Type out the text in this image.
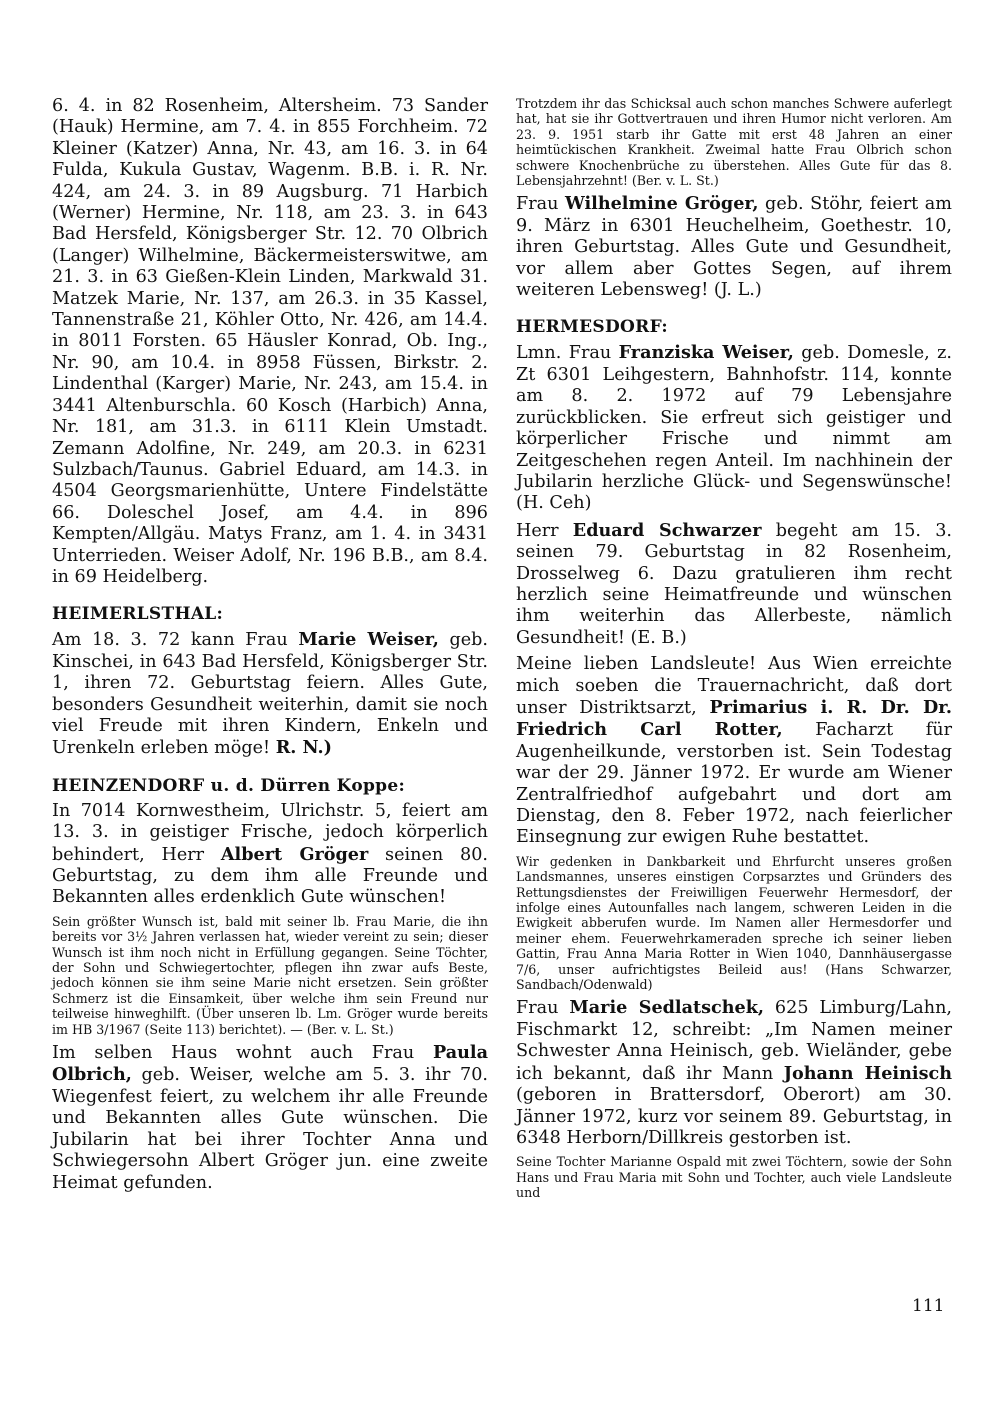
6. 4. in 82 Rosenheim, Altersheim. 73 Sander (Hauk) Hermine, am 7. 4. in 855 Forchheim. 72 Kleiner (Katzer) Anna, Nr. 43, am 16. 3. in 64 Fulda, Kukula Gustav, Wagenm. B.B. i. R. Nr. 424, am 24. 3. in 89 Augsburg. 71 Harbich (Werner) Hermine, Nr. 118, am 23. 3. in 643 Bad Hersfeld, Königsberger Str. 12. 70 Olbrich (Langer) Wilhelmine, Bäckermeisterswitwe, am 21. 3. in 63 Gießen-Klein Linden, Markwald 31. Matzek Marie, Nr. 137, am 26.3. in 35 Kassel, Tannenstraße 21, Köhler Otto, Nr. 426, am 14.4. in 8011 Forsten. 65 Häusler Konrad, Ob. Ing., Nr. 90, am 10.4. in 8958 Füssen, Birkstr. 2. Lindenthal (Karger) Marie, Nr. 243, am 15.4. in 3441 Altenburschla. 60 Kosch (Harbich) Anna, Nr. 181, am 31.3. in 6111 Klein Umstadt. Zemann Adolfine, Nr. 249, am 20.3. in 6231 Sulzbach/Taunus. Gabriel Eduard, am 14.3. in 4504 Georgsmarienhütte, Untere Findelstätte 66. Doleschel Josef, am 4.4. in 896 Kempten/Allgäu. Matys Franz, am 1. 4. in 3431 Unterrieden. Weiser Adolf, Nr. 196 B.B., am 8.4. in 69 Heidelberg.

HEIMERLSTHAL:

Am 18. 3. 72 kann Frau Marie Weiser, geb. Kinschei, in 643 Bad Hersfeld, Königsberger Str. 1, ihren 72. Geburtstag feiern. Alles Gute, besonders Gesundheit weiterhin, damit sie noch viel Freude mit ihren Kindern, Enkeln und Urenkeln erleben möge! R. N.)

HEINZENDORF u. d. Dürren Koppe:

In 7014 Kornwestheim, Ulrichstr. 5, feiert am 13. 3. in geistiger Frische, jedoch körperlich behindert, Herr Albert Gröger seinen 80. Geburtstag, zu dem ihm alle Freunde und Bekannten alles erdenklich Gute wünschen!

Sein größter Wunsch ist, bald mit seiner lb. Frau Marie, die ihn bereits vor 3½ Jahren verlassen hat, wieder vereint zu sein; dieser Wunsch ist ihm noch nicht in Erfüllung gegangen. Seine Töchter, der Sohn und Schwiegertochter, pflegen ihn zwar aufs Beste, jedoch können sie ihm seine Marie nicht ersetzen. Sein größter Schmerz ist die Einsamkeit, über welche ihm sein Freund nur teilweise hinweghilft. (Über unseren lb. Lm. Gröger wurde bereits im HB 3/1967 (Seite 113) berichtet). — (Ber. v. L. St.)

Im selben Haus wohnt auch Frau Paula Olbrich, geb. Weiser, welche am 5. 3. ihr 70. Wiegenfest feiert, zu welchem ihr alle Freunde und Bekannten alles Gute wünschen. Die Jubilarin hat bei ihrer Tochter Anna und Schwiegersohn Albert Gröger jun. eine zweite Heimat gefunden.

Trotzdem ihr das Schicksal auch schon manches Schwere auferlegt hat, hat sie ihr Gottvertrauen und ihren Humor nicht verloren. Am 23. 9. 1951 starb ihr Gatte mit erst 48 Jahren an einer heimtückischen Krankheit. Zweimal hatte Frau Olbrich schon schwere Knochenbrüche zu überstehen. Alles Gute für das 8. Lebensjahrzehnt! (Ber. v. L. St.)

Frau Wilhelmine Gröger, geb. Stöhr, feiert am 9. März in 6301 Heuchelheim, Goethestr. 10, ihren Geburtstag. Alles Gute und Gesundheit, vor allem aber Gottes Segen, auf ihrem weiteren Lebensweg! (J. L.)

HERMESDORF:

Lmn. Frau Franziska Weiser, geb. Domesle, z. Zt 6301 Leihgestern, Bahnhofstr. 114, konnte am 8. 2. 1972 auf 79 Lebensjahre zurückblicken. Sie erfreut sich geistiger und körperlicher Frische und nimmt am Zeitgeschehen regen Anteil. Im nachhinein der Jubilarin herzliche Glück- und Segenswünsche! (H. Ceh)

Herr Eduard Schwarzer begeht am 15. 3. seinen 79. Geburtstag in 82 Rosenheim, Drosselweg 6. Dazu gratulieren ihm recht herzlich seine Heimatfreunde und wünschen ihm weiterhin das Allerbeste, nämlich Gesundheit! (E. B.)

Meine lieben Landsleute! Aus Wien erreichte mich soeben die Trauernachricht, daß dort unser Distriktsarzt, Primarius i. R. Dr. Dr. Friedrich Carl Rotter, Facharzt für Augenheilkunde, verstorben ist. Sein Todestag war der 29. Jänner 1972. Er wurde am Wiener Zentralfriedhof aufgebahrt und dort am Dienstag, den 8. Feber 1972, nach feierlicher Einsegnung zur ewigen Ruhe bestattet.

Wir gedenken in Dankbarkeit und Ehrfurcht unseres großen Landsmannes, unseres einstigen Corpsarztes und Gründers des Rettungsdienstes der Freiwilligen Feuerwehr Hermesdorf, der infolge eines Autounfalles nach langem, schweren Leiden in die Ewigkeit abberufen wurde. Im Namen aller Hermesdorfer und meiner ehem. Feuerwehrkameraden spreche ich seiner lieben Gattin, Frau Anna Maria Rotter in Wien 1040, Dannhäusergasse 7/6, unser aufrichtigstes Beileid aus! (Hans Schwarzer, Sandbach/Odenwald)

Frau Marie Sedlatschek, 625 Limburg/Lahn, Fischmarkt 12, schreibt: „Im Namen meiner Schwester Anna Heinisch, geb. Wieländer, gebe ich bekannt, daß ihr Mann Johann Heinisch (geboren in Brattersdorf, Oberort) am 30. Jänner 1972, kurz vor seinem 89. Geburtstag, in 6348 Herborn/Dillkreis gestorben ist.

Seine Tochter Marianne Ospald mit zwei Töchtern, sowie der Sohn Hans und Frau Maria mit Sohn und Tochter, auch viele Landsleute und

111
